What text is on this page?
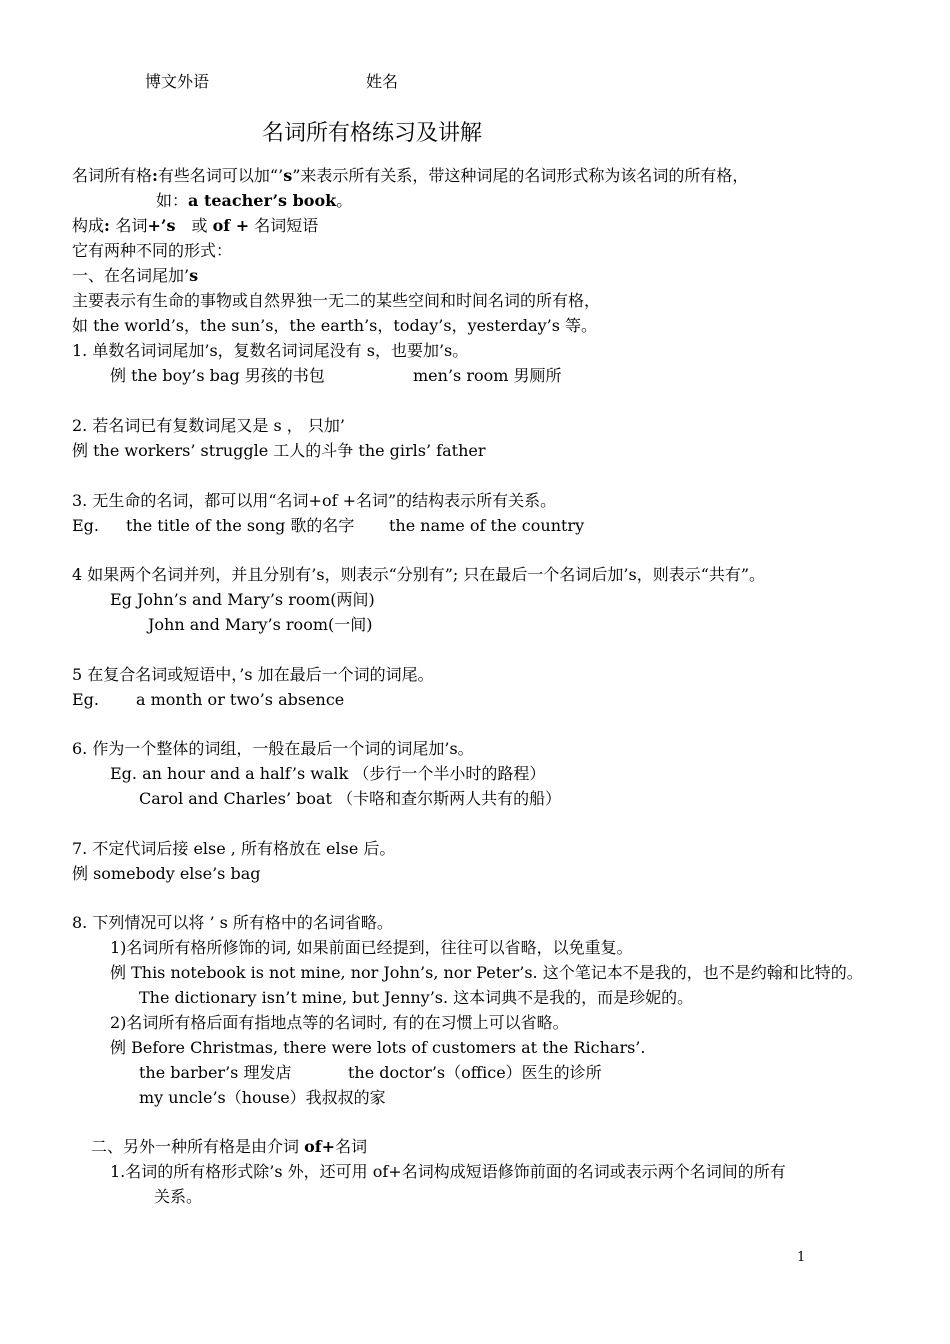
博文外语	姓名
名词所有格练习及讲解
名词所有格:有些名词可以加“’s”来表示所有关系，带这种词尾的名词形式称为该名词的所有格，
如：a teacher’s book。
构成: 名词+’s　或 of + 名词短语
它有两种不同的形式：
一、在名词尾加’s
主要表示有生命的事物或自然界独一无二的某些空间和时间名词的所有格，
如 the world’s，the sun’s，the earth’s，today’s，yesterday’s 等。
1. 单数名词词尾加’s，复数名词词尾没有 s，也要加’s。
例 the boy’s bag 男孩的书包	men’s room 男厕所
2. 若名词已有复数词尾又是 s ， 只加’
例 the workers’ struggle 工人的斗争 the girls’ father
3. 无生命的名词，都可以用“名词+of +名词”的结构表示所有关系。
Eg. the title of the song 歌的名字 the name of the country
4 如果两个名词并列，并且分别有’s，则表示“分别有”; 只在最后一个名词后加’s，则表示“共有”。
Eg John’s and Mary’s room(两间)
John and Mary’s room(一间)
5 在复合名词或短语中，’s 加在最后一个词的词尾。
Eg. a month or two’s absence
6. 作为一个整体的词组，一般在最后一个词的词尾加’s。
Eg. an hour and a half’s walk （步行一个半小时的路程）
Carol and Charles’ boat （卡咯和查尔斯两人共有的船）
7. 不定代词后接 else , 所有格放在 else 后。
例 somebody else’s bag
8. 下列情况可以将 ’ s 所有格中的名词省略。
1)名词所有格所修饰的词, 如果前面已经提到，往往可以省略，以免重复。
例 This notebook is not mine, nor John’s, nor Peter’s. 这个笔记本不是我的，也不是约翰和比特的。
The dictionary isn’t mine, but Jenny’s. 这本词典不是我的，而是珍妮的。
2)名词所有格后面有指地点等的名词时, 有的在习惯上可以省略。
例 Before Christmas, there were lots of customers at the Richars’.
the barber’s 理发店	the doctor’s（office）医生的诊所
my uncle’s（house）我叔叔的家
二、另外一种所有格是由介词 of+名词
1.名词的所有格形式除’s 外，还可用 of+名词构成短语修饰前面的名词或表示两个名词间的所有
关系。
1
